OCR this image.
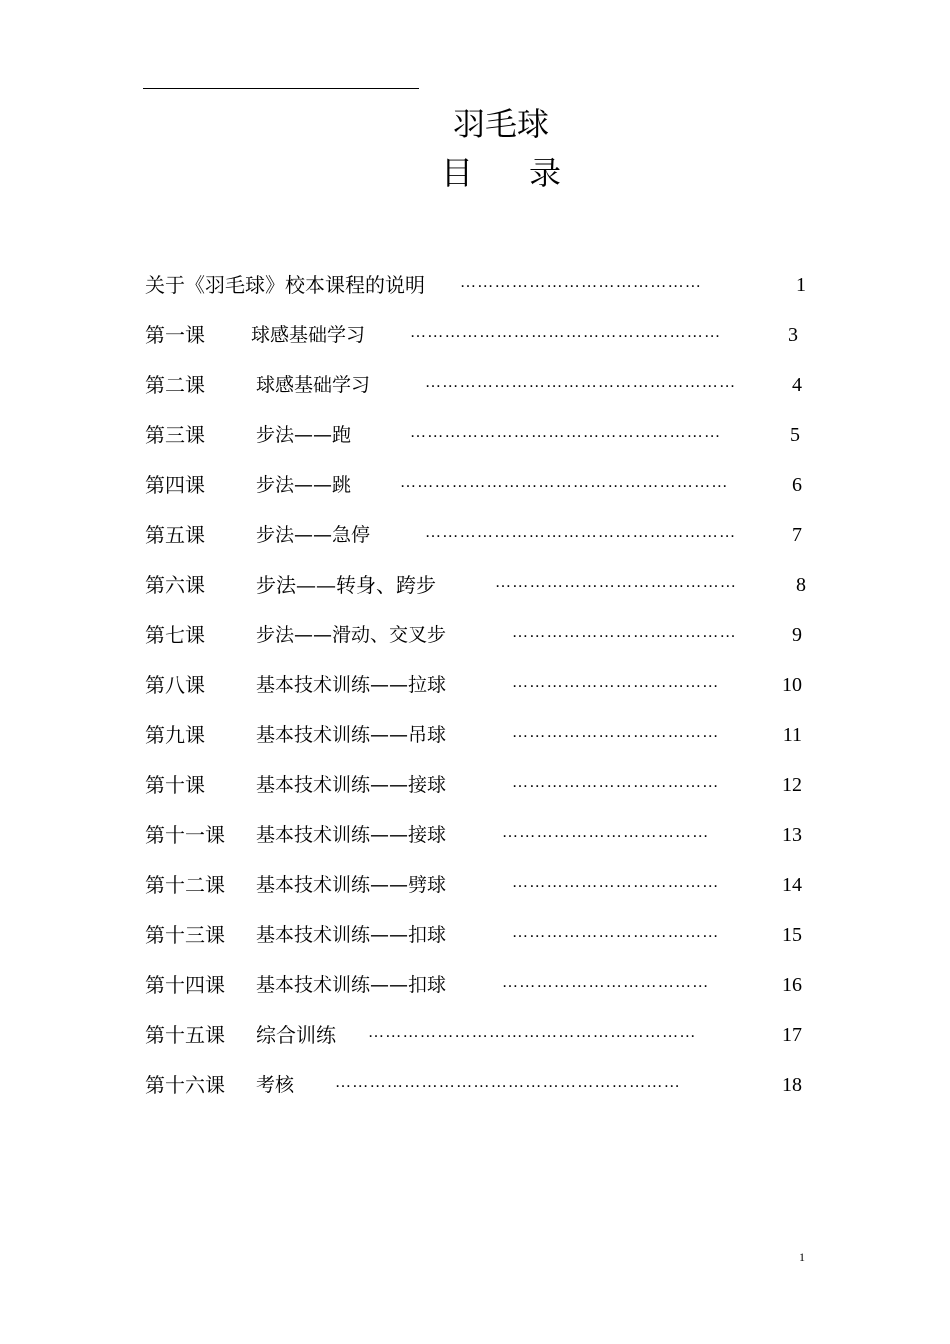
羽毛球
目 录
关于《羽毛球》校本课程的说明 ……………………………………	1
第一课 球感基础学习	………………………………………………	3
第二课	球感基础学习	………………………………………………	4
第三课	步法——跑	………………………………………………	5
第四课	步法——跳	…………………………………………………	6
第五课	步法——急停	………………………………………………	7
第六课	步法——转身、跨步	……………………………………	8
第七课	步法——滑动、交叉步	…………………………………	9
第八课	基本技术训练——拉球	………………………………	10
第九课	基本技术训练——吊球	………………………………	11
第十课	基本技术训练——接球	………………………………	12
第十一课 基本技术训练——接球	………………………………	13
第十二课 基本技术训练——劈球	………………………………	14
第十三课 基本技术训练——扣球	………………………………	15
第十四课 基本技术训练——扣球	………………………………	16
第十五课 综合训练 …………………………………………………	17
第十六课 考核	……………………………………………………	18
1
